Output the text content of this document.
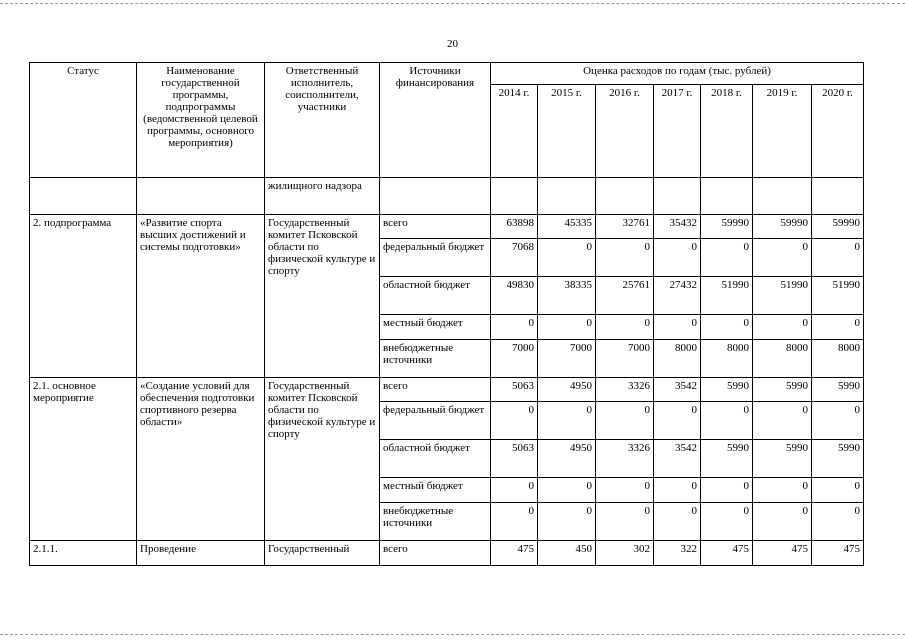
20
Статус	Наименование государственной программы, подпрограммы (ведомственной целевой программы, основного мероприятия)	Ответственный исполнитель, соисполнители, участники	Источники финансирования	Оценка расходов по годам (тыс. рублей)						
				2014 г.	2015 г.	2016 г.	2017 г.	2018 г.	2019 г.	2020 г.
		жилищного надзора								
2. подпрограмма	«Развитие спорта высших достижений и системы подготовки»	Государственный комитет Псковской области по физической культуре и спорту	всего	63898	45335	32761	35432	59990	59990	59990
			федеральный бюджет	7068	0	0	0	0	0	0
			областной бюджет	49830	38335	25761	27432	51990	51990	51990
			местный бюджет	0	0	0	0	0	0	0
			внебюджетные источники	7000	7000	7000	8000	8000	8000	8000
2.1. основное мероприятие	«Создание условий для обеспечения подготовки спортивного резерва области»	Государственный комитет Псковской области по физической культуре и спорту	всего	5063	4950	3326	3542	5990	5990	5990
			федеральный бюджет	0	0	0	0	0	0	0
			областной бюджет	5063	4950	3326	3542	5990	5990	5990
			местный бюджет	0	0	0	0	0	0	0
			внебюджетные источники	0	0	0	0	0	0	0
2.1.1.	Проведение	Государственный	всего	475	450	302	322	475	475	475
